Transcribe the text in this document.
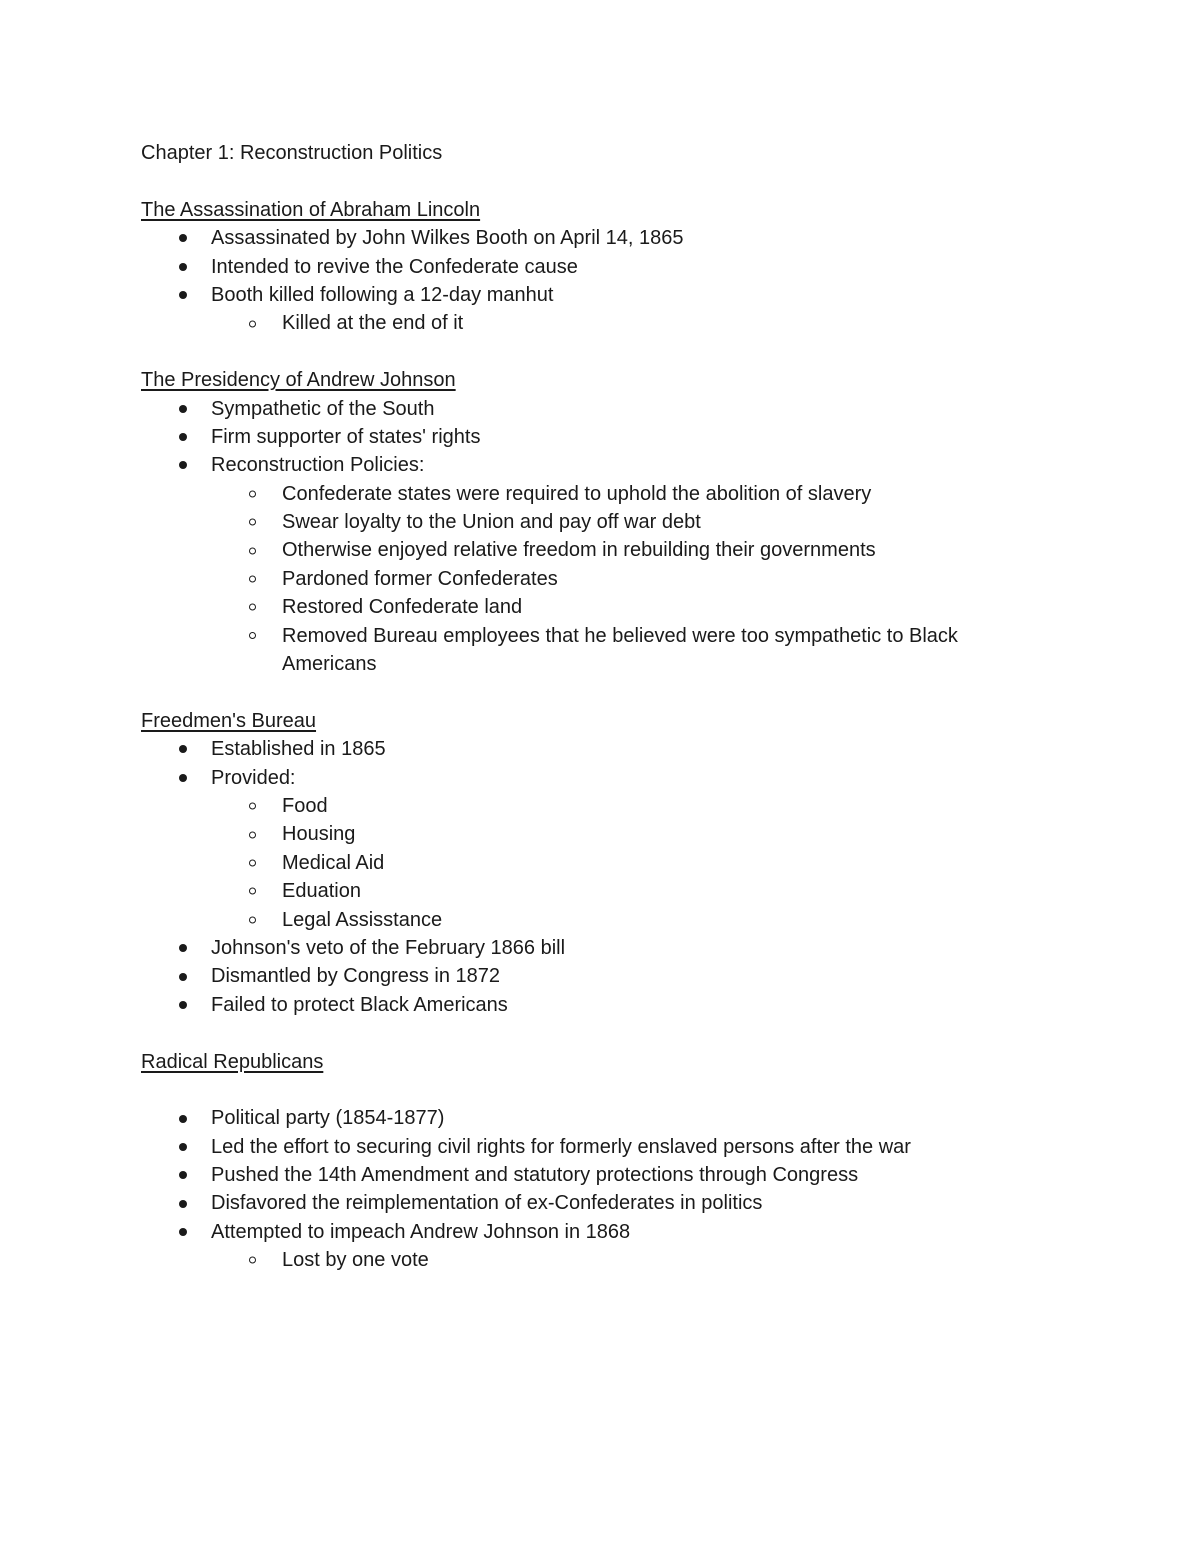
Chapter 1: Reconstruction Politics
The Assassination of Abraham Lincoln
Assassinated by John Wilkes Booth on April 14, 1865
Intended to revive the Confederate cause
Booth killed following a 12-day manhut
Killed at the end of it
The Presidency of Andrew Johnson
Sympathetic of the South
Firm supporter of states' rights
Reconstruction Policies:
Confederate states were required to uphold the abolition of slavery
Swear loyalty to the Union and pay off war debt
Otherwise enjoyed relative freedom in rebuilding their governments
Pardoned former Confederates
Restored Confederate land
Removed Bureau employees that he believed were too sympathetic to Black Americans
Freedmen's Bureau
Established in 1865
Provided:
Food
Housing
Medical Aid
Eduation
Legal Assisstance
Johnson's veto of the February 1866 bill
Dismantled by Congress in 1872
Failed to protect Black Americans
Radical Republicans
Political party (1854-1877)
Led the effort to securing civil rights for formerly enslaved persons after the war
Pushed the 14th Amendment and statutory protections through Congress
Disfavored the reimplementation of ex-Confederates in politics
Attempted to impeach Andrew Johnson in 1868
Lost by one vote
